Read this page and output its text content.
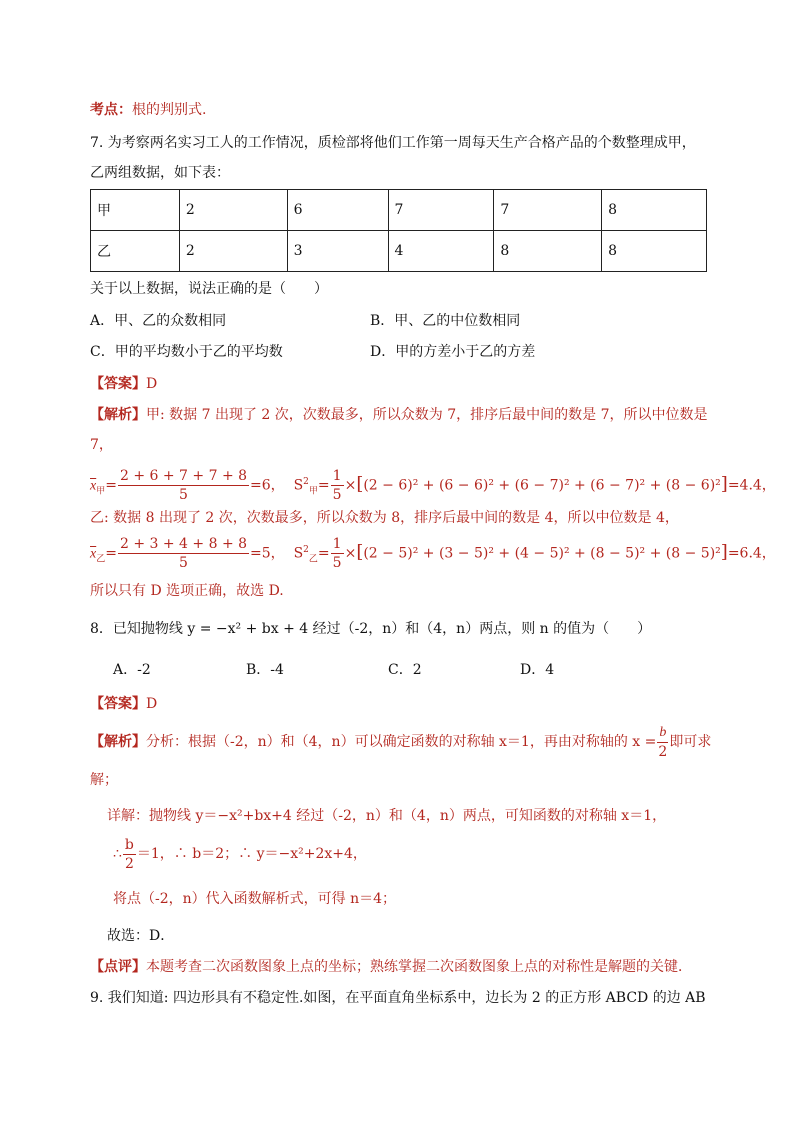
考点：根的判别式.
7. 为考察两名实习工人的工作情况，质检部将他们工作第一周每天生产合格产品的个数整理成甲，
乙两组数据，如下表：
甲	2	6	7	7	8
乙	2	3	4	8	8
关于以上数据，说法正确的是（　　）
A．甲、乙的众数相同	B．甲、乙的中位数相同
C．甲的平均数小于乙的平均数	D．甲的方差小于乙的方差
【答案】D
【解析】甲: 数据 7 出现了 2 次，次数最多，所以众数为 7，排序后最中间的数是 7，所以中位数是
7，
$\overline{x}_甲= \frac{2 + 6 + 7 + 7 + 8}{5} =6$， $S^2_甲= \frac{1}{5} \times[(2 - 6)^2 + (6 - 6)^2 + (6 - 7)^2 + (6 - 7)^2 + (8 - 6)^2]=4.4$，
乙: 数据 8 出现了 2 次，次数最多，所以众数为 8，排序后最中间的数是 4，所以中位数是 4，
$\overline{x}_乙= \frac{2 + 3 + 4 + 8 + 8}{5} =5$， $S^2_乙= \frac{1}{5} \times[(2 - 5)^2 + (3 - 5)^2 + (4 - 5)^2 + (8 - 5)^2 + (8 - 5)^2]=6.4$，
所以只有 D 选项正确，故选 D.
8．已知抛物线 y = −x² + bx + 4 经过（-2，n）和（4，n）两点，则 n 的值为（　　）
A．-2	B．-4	C．2	D．4
【答案】D
【解析】分析：根据（-2，n）和（4，n）可以确定函数的对称轴 x＝1，再由对称轴的 $x = \frac{b}{2}$ 即可求
解；
详解：抛物线 y＝−x²+bx+4 经过（-2，n）和（4，n）两点，可知函数的对称轴 x＝1，
∴ $\frac{b}{2} =1$，∴ b＝2；∴ y＝−x²+2x+4，
将点（-2，n）代入函数解析式，可得 n＝4；
故选：D．
【点评】本题考查二次函数图象上点的坐标；熟练掌握二次函数图象上点的对称性是解题的关键．
9. 我们知道: 四边形具有不稳定性.如图，在平面直角坐标系中，边长为 2 的正方形 ABCD 的边 AB
